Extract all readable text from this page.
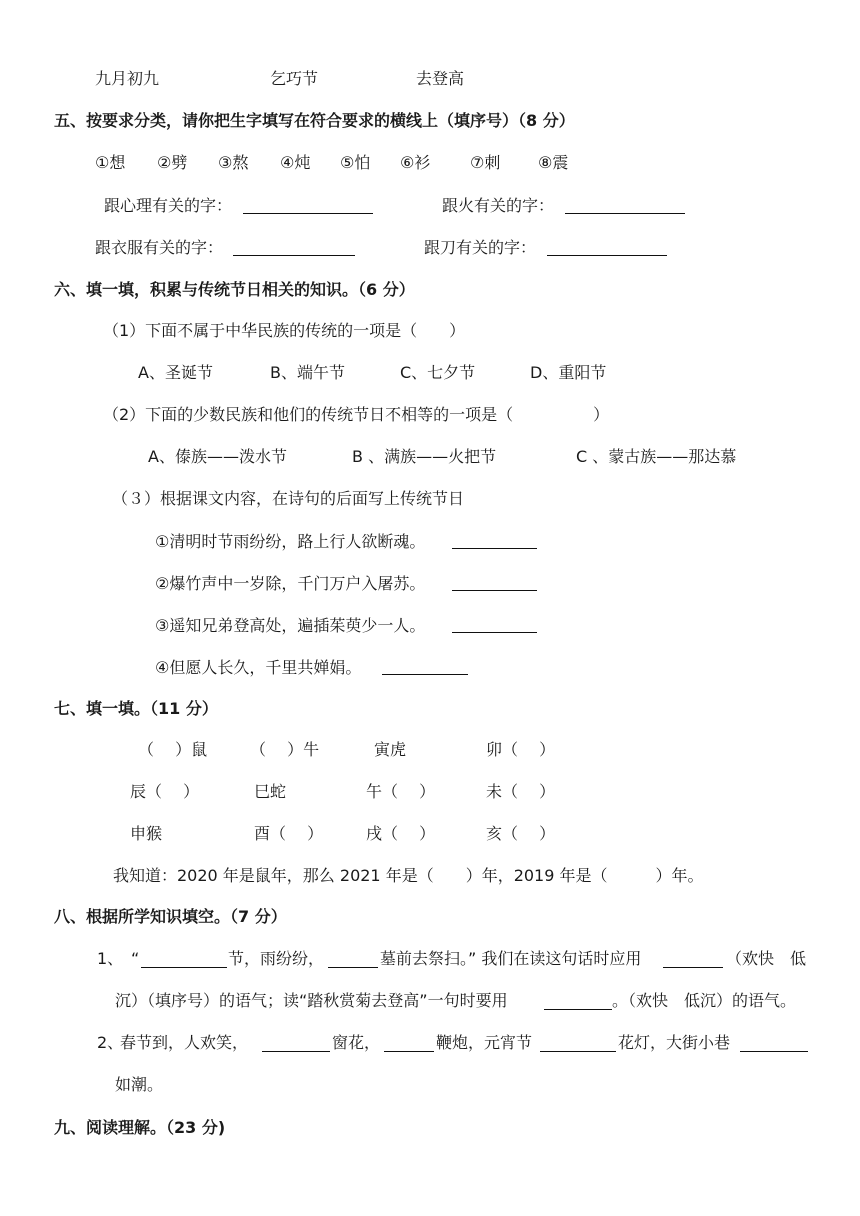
九月初九	乞巧节	去登高
五、按要求分类，请你把生字填写在符合要求的横线上（填序号）（8 分）
①想 ②劈 ③熬 ④炖 ⑤怕 ⑥衫 ⑦刺 ⑧震
跟心理有关的字：	跟火有关的字：
跟衣服有关的字：	跟刀有关的字：
六、填一填，积累与传统节日相关的知识。（6 分）
（1）下面不属于中华民族的传统的一项是（　　）
A、圣诞节	B、端午节	C、七夕节	D、重阳节
（2）下面的少数民族和他们的传统节日不相等的一项是（　　　　　）
A、傣族——泼水节	B 、满族——火把节	C 、蒙古族——那达慕
（３）根据课文内容，在诗句的后面写上传统节日
①清明时节雨纷纷，路上行人欲断魂。
②爆竹声中一岁除，千门万户入屠苏。
③遥知兄弟登高处，遍插茱萸少一人。
④但愿人长久，千里共婵娟。
七、填一填。（11 分）
（　 ）鼠	（　 ）牛	寅虎	卯（　 ）
辰（　 ）	巳蛇	午（　 ）	未（　 ）
申猴	酉（　 ）	戌（　 ）	亥（　 ）
我知道：2020 年是鼠年，那么 2021 年是（　　）年，2019 年是（　　　）年。
八、根据所学知识填空。（7 分）
1、 “	节，雨纷纷，	墓前去祭扫。” 我们在读这句话时应用	（欢快　低
沉）（填序号）的语气；读“踏秋赏菊去登高”一句时要用	。（欢快　低沉）的语气。
2、
春节到，人欢笑，	窗花，	鞭炮，元宵节	花灯，大街小巷
如潮。
九、阅读理解。（23 分)
